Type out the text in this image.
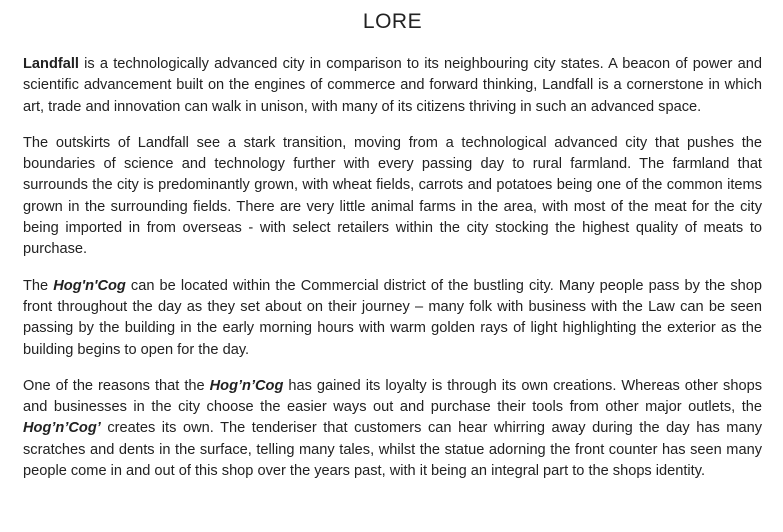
LORE

Landfall is a technologically advanced city in comparison to its neighbouring city states. A beacon of power and scientific advancement built on the engines of commerce and forward thinking, Landfall is a cornerstone in which art, trade and innovation can walk in unison, with many of its citizens thriving in such an advanced space.

The outskirts of Landfall see a stark transition, moving from a technological advanced city that pushes the boundaries of science and technology further with every passing day to rural farmland. The farmland that surrounds the city is predominantly grown, with wheat fields, carrots and potatoes being one of the common items grown in the surrounding fields. There are very little animal farms in the area, with most of the meat for the city being imported in from overseas - with select retailers within the city stocking the highest quality of meats to purchase.

The Hog'n'Cog can be located within the Commercial district of the bustling city. Many people pass by the shop front throughout the day as they set about on their journey – many folk with business with the Law can be seen passing by the building in the early morning hours with warm golden rays of light highlighting the exterior as the building begins to open for the day.

One of the reasons that the Hog’n’Cog has gained its loyalty is through its own creations. Whereas other shops and businesses in the city choose the easier ways out and purchase their tools from other major outlets, the Hog’n’Cog’ creates its own. The tenderiser that customers can hear whirring away during the day has many scratches and dents in the surface, telling many tales, whilst the statue adorning the front counter has seen many people come in and out of this shop over the years past, with it being an integral part to the shops identity.
